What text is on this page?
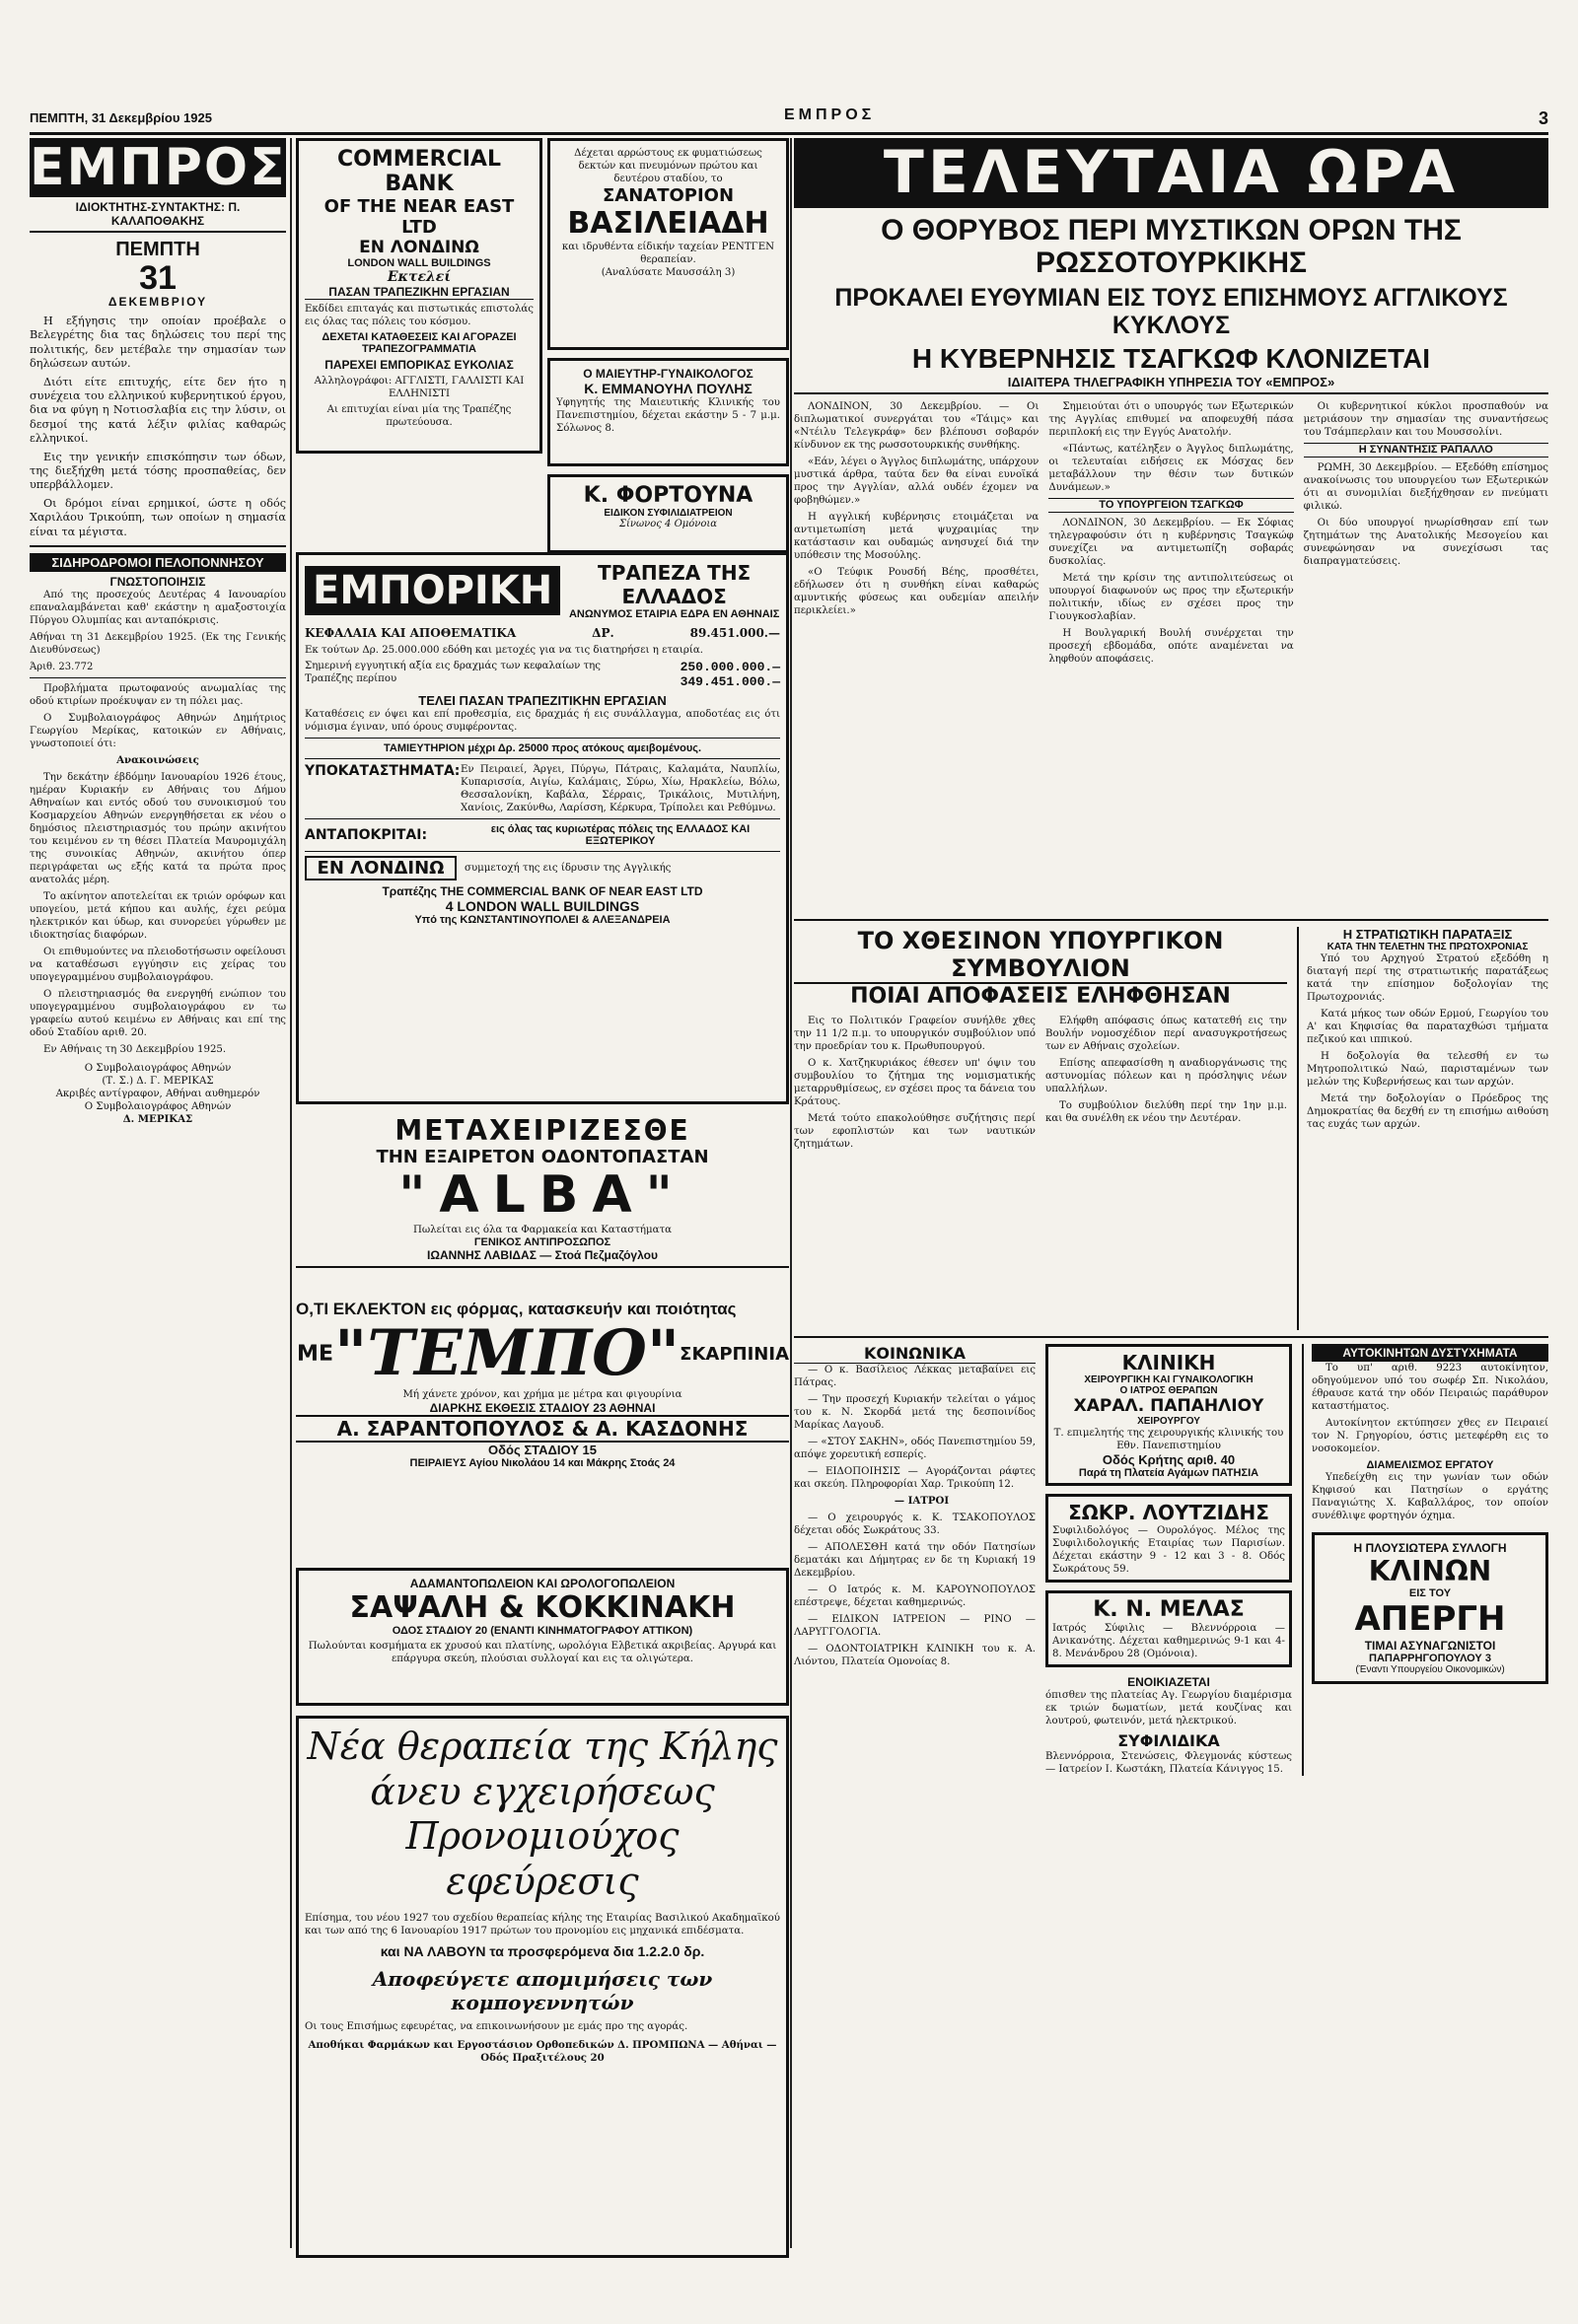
ΠΕΜΠΤΗ, 31 Δεκεμβρίου 1925	ΕΜΠΡΟΣ	3
ΕΜΠΡΟΣ
ΙΔΙΟΚΤΗΤΗΣ-ΣΥΝΤΑΚΤΗΣ: Π. ΚΑΛΑΠΟΘΑΚΗΣ
ΠΕΜΠΤΗ
31
ΔΕΚΕΜΒΡΙΟΥ

Η εξήγησις την οποίαν προέβαλε ο Βελεγρέτης δια τας δηλώσεις του περί της πολιτικής, δεν μετέβαλε την σημασίαν των δηλώσεων αυτών.

Διότι είτε επιτυχής, είτε δεν ήτο η συνέχεια του ελληνικού κυβερνητικού έργου, δια να φύγη η Νοτιοσλαβία εις την λύσιν, οι δεσμοί της κατά λέξιν φιλίας καθαρώς ελληνικοί.

Εις την γενικήν επισκόπησιν των όδων, της διεξήχθη μετά τόσης προσπαθείας, δεν υπερβάλλομεν.

Οι δρόμοι είναι ερημικοί, ώστε η οδός Χαριλάου Τρικούπη, των οποίων η σημασία είναι τα μέγιστα.

ΣΙΔΗΡΟΔΡΟΜΟΙ ΠΕΛΟΠΟΝΝΗΣΟΥ
ΓΝΩΣΤΟΠΟΙΗΣΙΣ

Από της προσεχούς Δευτέρας 4 Ιανουαρίου επαναλαμβάνεται καθ' εκάστην η αμαξοστοιχία Πύργου Ολυμπίας και ανταπόκρισις.

Αθήναι τη 31 Δεκεμβρίου 1925. (Εκ της Γενικής Διευθύνσεως)

Άριθ. 23.772

Προβλήματα πρωτοφανούς ανωμαλίας της οδού κτιρίων προέκυψαν εν τη πόλει μας.

Ο Συμβολαιογράφος Αθηνών Δημήτριος Γεωργίου Μερίκας, κατοικών εν Αθήναις, γνωστοποιεί ότι:

Ανακοινώσεις

Την δεκάτην έβδόμην Ιανουαρίου 1926 έτους, ημέραν Κυριακήν εν Αθήναις του Δήμου Αθηναίων και εντός οδού του συνοικισμού του Κοσμαρχείου Αθηνών ενεργηθήσεται εκ νέου ο δημόσιος πλειστηριασμός του πρώην ακινήτου του κειμένου εν τη θέσει Πλατεία Μαυρομιχάλη της συνοικίας Αθηνών, ακινήτου όπερ περιγράφεται ως εξής κατά τα πρώτα προς ανατολάς μέρη.

Το ακίνητον αποτελείται εκ τριών ορόφων και υπογείου, μετά κήπου και αυλής, έχει ρεύμα ηλεκτρικόν και ύδωρ, και συνορεύει γύρωθεν με ιδιοκτησίας διαφόρων.

Οι επιθυμούντες να πλειοδοτήσωσιν οφείλουσι να καταθέσωσι εγγύησιν εις χείρας του υπογεγραμμένου συμβολαιογράφου.

Ο πλειστηριασμός θα ενεργηθή ενώπιον του υπογεγραμμένου συμβολαιογράφου εν τω γραφείω αυτού κειμένω εν Αθήναις και επί της οδού Σταδίου αριθ. 20.

Εν Αθήναις τη 30 Δεκεμβρίου 1925.

Ο Συμβολαιογράφος Αθηνών
(Τ. Σ.) Δ. Γ. ΜΕΡΙΚΑΣ
Ακριβές αντίγραφον, Αθήναι αυθημερόν
Ο Συμβολαιογράφος Αθηνών
Δ. ΜΕΡΙΚΑΣ
COMMERCIAL BANK
OF THE NEAR EAST LTD
ΕΝ ΛΟΝΔΙΝΩ
LONDON WALL BUILDINGS
Εκτελεί
ΠΑΣΑΝ ΤΡΑΠΕΖΙΚΗΝ ΕΡΓΑΣΙΑΝ
Εκδίδει επιταγάς και πιστωτικάς επιστολάς εις όλας τας πόλεις του κόσμου.
ΔΕΧΕΤΑΙ ΚΑΤΑΘΕΣΕΙΣ ΚΑΙ ΑΓΟΡΑΖΕΙ ΤΡΑΠΕΖΟΓΡΑΜΜΑΤΙΑ
ΠΑΡΕΧΕΙ ΕΜΠΟΡΙΚΑΣ ΕΥΚΟΛΙΑΣ
Αλληλογράφοι: ΑΓΓΛΙΣΤΙ, ΓΑΛΛΙΣΤΙ ΚΑΙ ΕΛΛΗΝΙΣΤΙ
Αι επιτυχίαι είναι μία της Τραπέζης πρωτεύουσα.
Δέχεται αρρώστους εκ φυματιώσεως δεκτών και πνευμόνων πρώτου και δευτέρου σταδίου, το
ΣΑΝΑΤΟΡΙΟΝ
ΒΑΣΙΛΕΙΑΔΗ
και ιδρυθέντα είδικήν ταχείαν ΡΕΝΤΓΕΝ θεραπείαν.
(Αναλύσατε Μαυσσάλη 3)
Ο ΜΑΙΕΥΤΗΡ-ΓΥΝΑΙΚΟΛΟΓΟΣ
Κ. ΕΜΜΑΝΟΥΗΛ ΠΟΥΛΗΣ
Υφηγητής της Μαιευτικής Κλινικής του Πανεπιστημίου, δέχεται εκάστην 5 - 7 μ.μ. Σόλωνος 8.
Κ. ΦΟΡΤΟΥΝΑ
ΕΙΔΙΚΟΝ ΣΥΦΙΛΙΔΙΑΤΡΕΙΟΝ
Σίνωνος 4 Ομόνοια
ΕΜΠΟΡΙΚΗ	ΤΡΑΠΕΖΑ ΤΗΣ ΕΛΛΑΔΟΣ
ΑΝΩΝΥΜΟΣ ΕΤΑΙΡΙΑ ΕΔΡΑ ΕΝ ΑΘΗΝΑΙΣ
ΚΕΦΑΛΑΙΑ ΚΑΙ ΑΠΟΘΕΜΑΤΙΚΑ	ΔΡ.	89.451.000.—
Εκ τούτων Δρ. 25.000.000 εδόθη και μετοχές για να τις διατηρήσει η εταιρία.
Σημερινή εγγυητική αξία εις δραχμάς των κεφαλαίων της Τραπέζης περίπου
250.000.000.—
349.451.000.—
ΤΕΛΕΙ ΠΑΣΑΝ ΤΡΑΠΕΖΙΤΙΚΗΝ ΕΡΓΑΣΙΑΝ
Καταθέσεις εν όψει και επί προθεσμία, εις δραχμάς ή εις συνάλλαγμα, αποδοτέας εις ότι νόμισμα έγιναν, υπό όρους συμφέροντας.
ΤΑΜΙΕΥΤΗΡΙΟΝ μέχρι Δρ. 25000 προς ατόκους αμειβομένους.
ΥΠΟΚΑΤΑΣΤΗΜΑΤΑ: Εν Πειραιεί, Άργει, Πύργω, Πάτραις, Καλαμάτα, Ναυπλίω, Κυπαρισσία, Αιγίω, Καλάμαις, Σύρω, Χίω, Ηρακλείω, Βόλω, Θεσσαλονίκη, Καβάλα, Σέρραις, Τρικάλοις, Μυτιλήνη, Χανίοις, Ζακύνθω, Λαρίσση, Κέρκυρα, Τρίπολει και Ρεθύμνω.
ΑΝΤΑΠΟΚΡΙΤΑΙ:	εις όλας τας κυριωτέρας πόλεις της ΕΛΛΑΔΟΣ ΚΑΙ ΕΞΩΤΕΡΙΚΟΥ
ΕΝ ΛΟΝΔΙΝΩ	συμμετοχή της εις ίδρυσιν της Αγγλικής
Τραπέζης THE COMMERCIAL BANK OF NEAR EAST LTD
4 LONDON WALL BUILDINGS
Υπό της ΚΩΝΣΤΑΝΤΙΝΟΥΠΟΛΕΙ & ΑΛΕΞΑΝΔΡΕΙΑ
ΜΕΤΑΧΕΙΡΙΖΕΣΘΕ
ΤΗΝ ΕΞΑΙΡΕΤΟΝ ΟΔΟΝΤΟΠΑΣΤΑΝ
"ALBA"
Πωλείται εις όλα τα Φαρμακεία και Καταστήματα
ΓΕΝΙΚΟΣ ΑΝΤΙΠΡΟΣΩΠΟΣ
ΙΩΑΝΝΗΣ ΛΑΒΙΔΑΣ — Στοά Πεζμαζόγλου
Ο,ΤΙ ΕΚΛΕΚΤΟΝ εις φόρμας, κατασκευήν και ποιότητας
ΜΕ "ΤΕΜΠΟ" ΣΚΑΡΠΙΝΙΑ
Μή χάνετε χρόνον, και χρήμα με μέτρα και φιγουρίνια
ΔΙΑΡΚΗΣ ΕΚΘΕΣΙΣ ΣΤΑΔΙΟΥ 23 ΑΘΗΝΑΙ
Α. ΣΑΡΑΝΤΟΠΟΥΛΟΣ & Α. ΚΑΣΔΟΝΗΣ
Οδός ΣΤΑΔΙΟΥ 15
ΠΕΙΡΑΙΕΥΣ Αγίου Νικολάου 14 και Μάκρης Στοάς 24
ΑΔΑΜΑΝΤΟΠΩΛΕΙΟΝ ΚΑΙ ΩΡΟΛΟΓΟΠΩΛΕΙΟΝ
ΣΑΨΑΛΗ & ΚΟΚΚΙΝΑΚΗ
ΟΔΟΣ ΣΤΑΔΙΟΥ 20 (ΕΝΑΝΤΙ ΚΙΝΗΜΑΤΟΓΡΑΦΟΥ ΑΤΤΙΚΟΝ)
Πωλούνται κοσμήματα εκ χρυσού και πλατίνης, ωρολόγια Ελβετικά ακριβείας. Αργυρά και επάργυρα σκεύη, πλούσιαι συλλογαί και εις τα ολιγώτερα.
Νέα θεραπεία της Κήλης
άνευ εγχειρήσεως
Προνομιούχος εφεύρεσις
Επίσημα, του νέου 1927 του σχεδίου θεραπείας κήλης της Εταιρίας Βασιλικού Ακαδημαϊκού και των από της 6 Ιανουαρίου 1917 πρώτων του προνομίου εις μηχανικά επιδέσματα.
και ΝΑ ΛΑΒΟΥΝ τα προσφερόμενα δια 1.2.2.0 δρ.
Αποφεύγετε απομιμήσεις των κομπογεννητών
Οι τους Επισήμως εφευρέτας, να επικοινωνήσουν με εμάς προ της αγοράς.
Αποθήκαι Φαρμάκων και Εργοστάσιον Ορθοπεδικών Δ. ΠΡΟΜΠΩΝΑ — Αθήναι — Οδός Πραξιτέλους 20
ΤΕΛΕΥΤΑΙΑ ΩΡΑ
Ο ΘΟΡΥΒΟΣ ΠΕΡΙ ΜΥΣΤΙΚΩΝ ΟΡΩΝ ΤΗΣ ΡΩΣΣΟΤΟΥΡΚΙΚΗΣ
ΠΡΟΚΑΛΕΙ ΕΥΘΥΜΙΑΝ ΕΙΣ ΤΟΥΣ ΕΠΙΣΗΜΟΥΣ ΑΓΓΛΙΚΟΥΣ ΚΥΚΛΟΥΣ
Η ΚΥΒΕΡΝΗΣΙΣ ΤΣΑΓΚΩΦ ΚΛΟΝΙΖΕΤΑΙ
ΙΔΙΑΙΤΕΡΑ ΤΗΛΕΓΡΑΦΙΚΗ ΥΠΗΡΕΣΙΑ ΤΟΥ «ΕΜΠΡΟΣ»

ΛΟΝΔΙΝΟΝ, 30 Δεκεμβρίου. — Οι διπλωματικοί συνεργάται του «Τάιμς» και «Ντέιλυ Τελεγκράφ» δεν βλέπουσι σοβαρόν κίνδυνον εκ της ρωσσοτουρκικής συνθήκης.

«Εάν, λέγει ο Άγγλος διπλωμάτης, υπάρχουν μυστικά άρθρα, ταύτα δεν θα είναι ευνοϊκά προς την Αγγλίαν, αλλά ουδέν έχομεν να φοβηθώμεν.»

Η αγγλική κυβέρνησις ετοιμάζεται να αντιμετωπίση μετά ψυχραιμίας την κατάστασιν και ουδαμώς ανησυχεί διά την υπόθεσιν της Μοσούλης.

«Ο Τεύφικ Ρουσδή Βέης, προσθέτει, εδήλωσεν ότι η συνθήκη είναι καθαρώς αμυντικής φύσεως και ουδεμίαν απειλήν περικλείει.»

Σημειούται ότι ο υπουργός των Εξωτερικών της Αγγλίας επιθυμεί να αποφευχθή πάσα περιπλοκή εις την Εγγύς Ανατολήν.

«Πάντως, κατέληξεν ο Άγγλος διπλωμάτης, οι τελευταίαι ειδήσεις εκ Μόσχας δεν μεταβάλλουν την θέσιν των δυτικών Δυνάμεων.»

ΤΟ ΥΠΟΥΡΓΕΙΟΝ ΤΣΑΓΚΩΦ

ΛΟΝΔΙΝΟΝ, 30 Δεκεμβρίου. — Εκ Σόφιας τηλεγραφούσιν ότι η κυβέρνησις Τσαγκώφ συνεχίζει να αντιμετωπίζη σοβαράς δυσκολίας.

Μετά την κρίσιν της αντιπολιτεύσεως οι υπουργοί διαφωνούν ως προς την εξωτερικήν πολιτικήν, ιδίως εν σχέσει προς την Γιουγκοσλαβίαν.

Η Βουλγαρική Βουλή συνέρχεται την προσεχή εβδομάδα, οπότε αναμένεται να ληφθούν αποφάσεις.

Οι κυβερνητικοί κύκλοι προσπαθούν να μετριάσουν την σημασίαν της συναντήσεως του Τσάμπερλαιν και του Μουσσολίνι.

Η ΣΥΝΑΝΤΗΣΙΣ ΡΑΠΑΛΛΟ

ΡΩΜΗ, 30 Δεκεμβρίου. — Εξεδόθη επίσημος ανακοίνωσις του υπουργείου των Εξωτερικών ότι αι συνομιλίαι διεξήχθησαν εν πνεύματι φιλικώ.

Οι δύο υπουργοί ηνωρίσθησαν επί των ζητημάτων της Ανατολικής Μεσογείου και συνεφώνησαν να συνεχίσωσι τας διαπραγματεύσεις.

ΤΟ ΧΘΕΣΙΝΟΝ ΥΠΟΥΡΓΙΚΟΝ ΣΥΜΒΟΥΛΙΟΝ
ΠΟΙΑΙ ΑΠΟΦΑΣΕΙΣ ΕΛΗΦΘΗΣΑΝ

Εις το Πολιτικόν Γραφείον συνήλθε χθες την 11 1/2 π.μ. το υπουργικόν συμβούλιον υπό την προεδρίαν του κ. Πρωθυπουργού.

Ο κ. Χατζηκυριάκος έθεσεν υπ' όψιν του συμβουλίου το ζήτημα της νομισματικής μεταρρυθμίσεως, εν σχέσει προς τα δάνεια του Κράτους.

Μετά τούτο επακολούθησε συζήτησις περί των εφοπλιστών και των ναυτικών ζητημάτων.

Ελήφθη απόφασις όπως κατατεθή εις την Βουλήν νομοσχέδιον περί ανασυγκροτήσεως των εν Αθήναις σχολείων.

Επίσης απεφασίσθη η αναδιοργάνωσις της αστυνομίας πόλεων και η πρόσληψις νέων υπαλλήλων.

Το συμβούλιον διελύθη περί την 1ην μ.μ. και θα συνέλθη εκ νέου την Δευτέραν.

Η ΣΤΡΑΤΙΩΤΙΚΗ ΠΑΡΑΤΑΞΙΣ
ΚΑΤΑ ΤΗΝ ΤΕΛΕΤΗΝ ΤΗΣ ΠΡΩΤΟΧΡΟΝΙΑΣ

Υπό του Αρχηγού Στρατού εξεδόθη η διαταγή περί της στρατιωτικής παρατάξεως κατά την επίσημον δοξολογίαν της Πρωτοχρονιάς.

Κατά μήκος των οδών Ερμού, Γεωργίου του Α' και Κηφισίας θα παραταχθώσι τμήματα πεζικού και ιππικού.

Η δοξολογία θα τελεσθή εν τω Μητροπολιτικώ Ναώ, παρισταμένων των μελών της Κυβερνήσεως και των αρχών.

Μετά την δοξολογίαν ο Πρόεδρος της Δημοκρατίας θα δεχθή εν τη επισήμω αιθούση τας ευχάς των αρχών.

ΚΟΙΝΩΝΙΚΑ

— Ο κ. Βασίλειος Λέκκας μεταβαίνει εις Πάτρας.

— Την προσεχή Κυριακήν τελείται ο γάμος του κ. Ν. Σκορδά μετά της δεσποινίδος Μαρίκας Λαγουδ.

— «ΣΤΟΥ ΣΑΚΗΝ», οδός Πανεπιστημίου 59, απόψε χορευτική εσπερίς.

— ΕΙΔΟΠΟΙΗΣΙΣ — Αγοράζονται ράφτες και σκεύη. Πληροφορίαι Χαρ. Τρικούπη 12.

— ΙΑΤΡΟΙ

— Ο χειρουργός κ. Κ. ΤΣΑΚΟΠΟΥΛΟΣ δέχεται οδός Σωκράτους 33.

— ΑΠΟΛΕΣΘΗ κατά την οδόν Πατησίων δεματάκι και Δήμητρας εν δε τη Κυριακή 19 Δεκεμβρίου.

— Ο Ιατρός κ. Μ. ΚΑΡΟΥΝΟΠΟΥΛΟΣ επέστρεψε, δέχεται καθημερινώς.

— ΕΙΔΙΚΟΝ ΙΑΤΡΕΙΟΝ — ΡΙΝΟ — ΛΑΡΥΓΓΟΛΟΓΙΑ.

— ΟΔΟΝΤΟΙΑΤΡΙΚΗ ΚΛΙΝΙΚΗ του κ. Α. Λιόντου, Πλατεία Ομονοίας 8.

ΚΛΙΝΙΚΗ
ΧΕΙΡΟΥΡΓΙΚΗ ΚΑΙ ΓΥΝΑΙΚΟΛΟΓΙΚΗ
Ο ΙΑΤΡΟΣ ΘΕΡΑΠΩΝ
ΧΑΡΑΛ. ΠΑΠΑΗΛΙΟΥ
ΧΕΙΡΟΥΡΓΟΥ
Τ. επιμελητής της χειρουργικής κλινικής του Εθν. Πανεπιστημίου
Οδός Κρήτης αριθ. 40
Παρά τη Πλατεία Αγάμων ΠΑΤΗΣΙΑ
ΣΩΚΡ. ΛΟΥΤΖΙΔΗΣ
Συφιλιδολόγος — Ουρολόγος. Μέλος της Συφιλιδολογικής Εταιρίας των Παρισίων. Δέχεται εκάστην 9 - 12 και 3 - 8. Οδός Σωκράτους 59.
Κ. Ν. ΜΕΛΑΣ
Ιατρός Σύφιλις — Βλεννόρροια — Ανικανότης. Δέχεται καθημερινώς 9-1 και 4-8. Μενάνδρου 28 (Ομόνοια).
ΕΝΟΙΚΙΑΖΕΤΑΙ
όπισθεν της πλατείας Αγ. Γεωργίου διαμέρισμα εκ τριών δωματίων, μετά κουζίνας και λουτρού, φωτεινόν, μετά ηλεκτρικού.
ΣΥΦΙΛΙΔΙΚΑ
Βλεννόρροια, Στενώσεις, Φλεγμονάς κύστεως — Ιατρείον Ι. Κωστάκη, Πλατεία Κάνιγγος 15.
ΑΥΤΟΚΙΝΗΤΩΝ ΔΥΣΤΥΧΗΜΑΤΑ

Το υπ' αριθ. 9223 αυτοκίνητον, οδηγούμενον υπό του σωφέρ Σπ. Νικολάου, έθραυσε κατά την οδόν Πειραιώς παράθυρον καταστήματος.

Αυτοκίνητον εκτύπησεν χθες εν Πειραιεί τον Ν. Γρηγορίου, όστις μετεφέρθη εις το νοσοκομείον.

ΔΙΑΜΕΛΙΣΜΟΣ ΕΡΓΑΤΟΥ

Υπεδείχθη εις την γωνίαν των οδών Κηφισού και Πατησίων ο εργάτης Παναγιώτης Χ. Καβαλλάρος, τον οποίον συνέθλιψε φορτηγόν όχημα.

Η ΠΛΟΥΣΙΩΤΕΡΑ ΣΥΛΛΟΓΗ
ΚΛΙΝΩΝ
ΕΙΣ ΤΟΥ
ΑΠΕΡΓΗ
ΤΙΜΑΙ ΑΣΥΝΑΓΩΝΙΣΤΟΙ
ΠΑΠΑΡΡΗΓΟΠΟΥΛΟΥ 3
(Έναντι Υπουργείου Οικονομικών)
